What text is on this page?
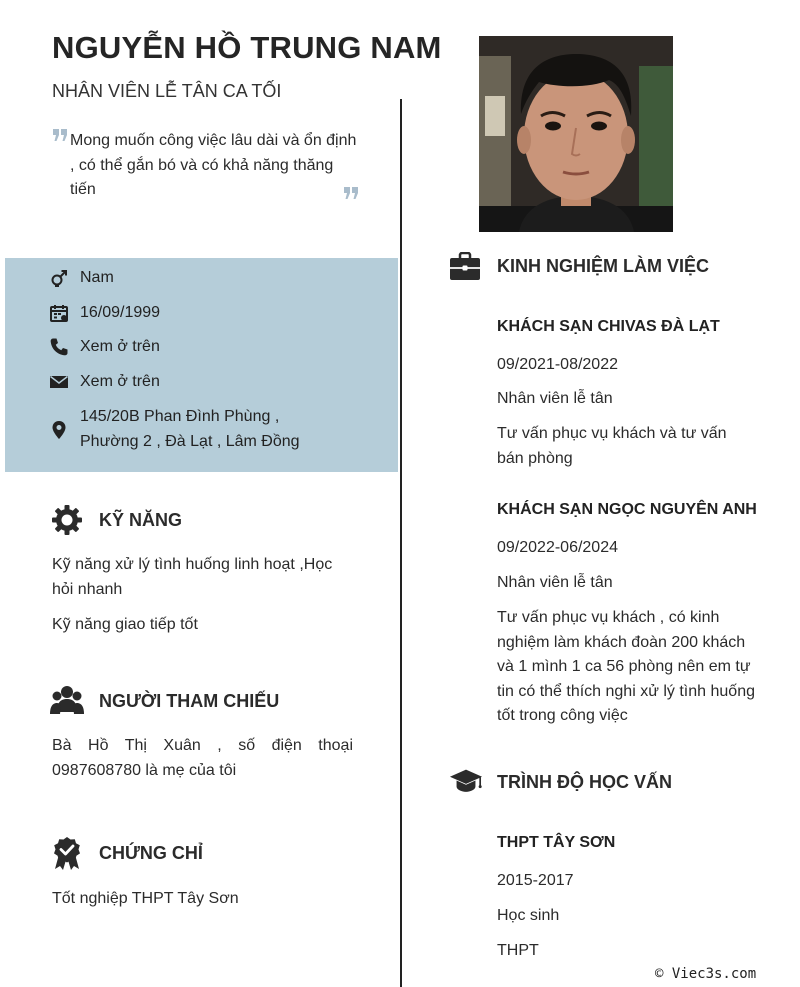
NGUYỄN HỒ TRUNG NAM
NHÂN VIÊN LỄ TÂN CA TỐI
Mong muốn công việc lâu dài và ổn định , có thể gắn bó và có khả năng thăng tiến
Nam
16/09/1999
Xem ở trên
Xem ở trên
145/20B Phan Đình Phùng ,
Phường 2 , Đà Lạt , Lâm Đồng
KỸ NĂNG
Kỹ năng xử lý tình huống linh hoạt ,Học hỏi nhanh
Kỹ năng giao tiếp tốt
NGƯỜI THAM CHIẾU
Bà Hồ Thị Xuân , số điện thoại 0987608780 là mẹ của tôi
CHỨNG CHỈ
Tốt nghiệp THPT Tây Sơn
KINH NGHIỆM LÀM VIỆC
KHÁCH SẠN CHIVAS ĐÀ LẠT
09/2021-08/2022
Nhân viên lễ tân
Tư vấn phục vụ khách và tư vấn bán phòng
KHÁCH SẠN NGỌC NGUYÊN ANH
09/2022-06/2024
Nhân viên lễ tân
Tư vấn phục vụ khách , có kinh nghiệm làm khách đoàn 200 khách và 1 mình 1 ca 56 phòng nên em tự tin có thể thích nghi xử lý tình huống tốt trong công việc
TRÌNH ĐỘ HỌC VẤN
THPT TÂY SƠN
2015-2017
Học sinh
THPT
© Viec3s.com
